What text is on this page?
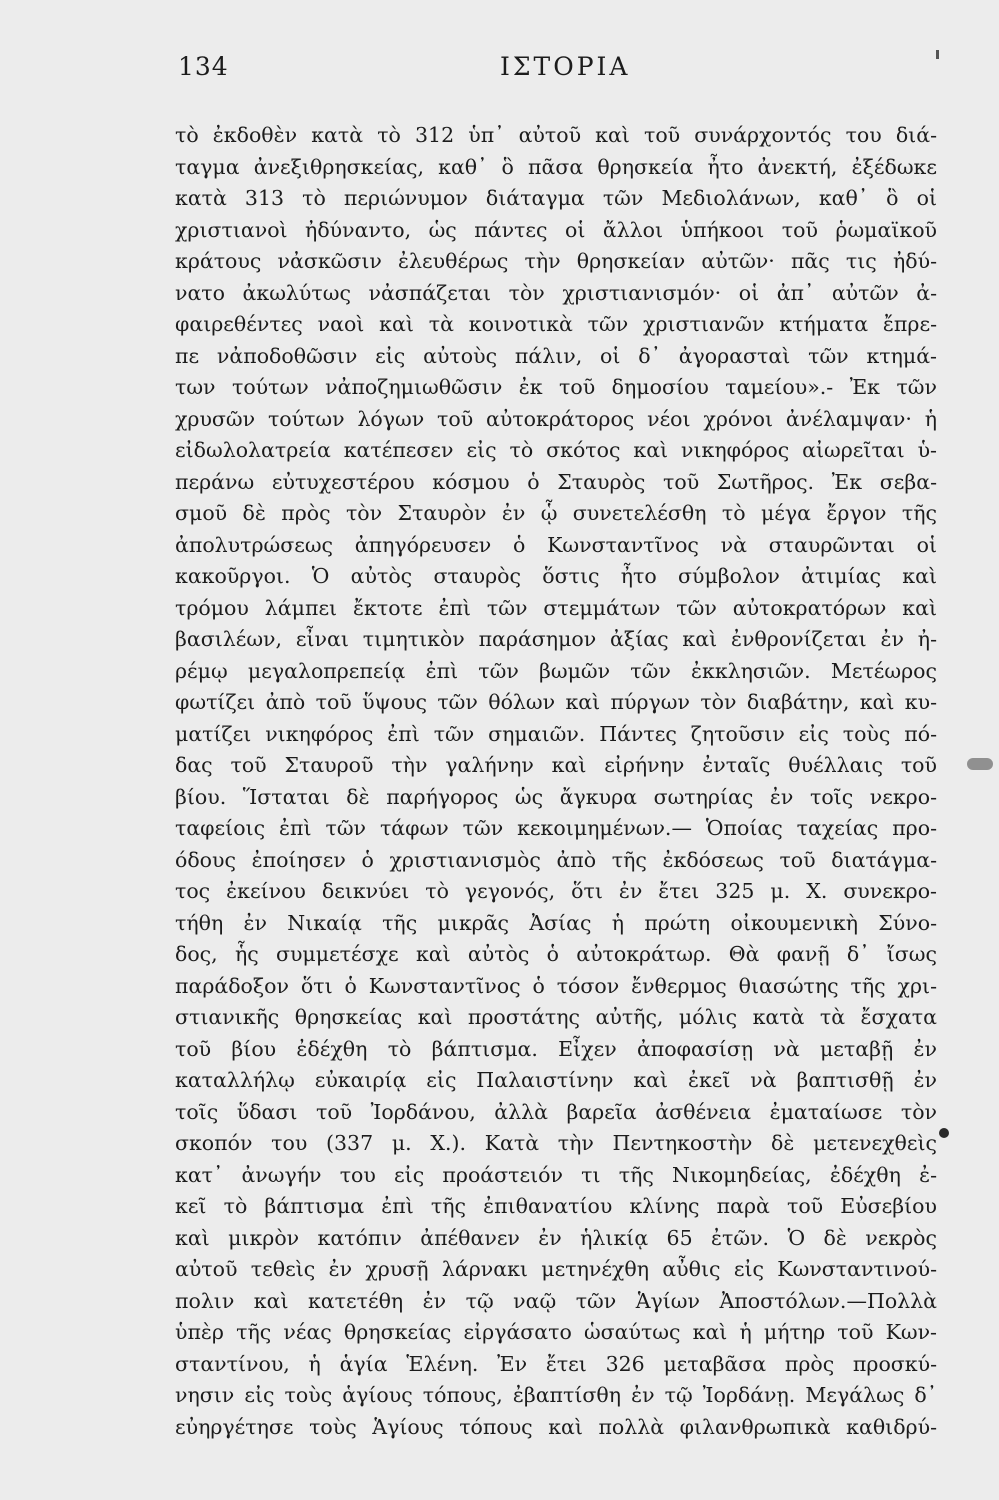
134	ΙΣΤΟΡΙΑ
τὸ ἐκδοθὲν κατὰ τὸ 312 ὑπ᾽ αὐτοῦ καὶ τοῦ συνάρχοντός του διά-
ταγμα ἀνεξιθρησκείας, καθ᾽ ὃ πᾶσα θρησκεία ἦτο ἀνεκτή, ἐξέδωκε
κατὰ 313 τὸ περιώνυμον διάταγμα τῶν Μεδιολάνων, καθ᾽ ὃ οἱ
χριστιανοὶ ἠδύναντο, ὡς πάντες οἱ ἄλλοι ὑπήκοοι τοῦ ῥωμαϊκοῦ
κράτους νἀσκῶσιν ἐλευθέρως τὴν θρησκείαν αὐτῶν· πᾶς τις ἠδύ-
νατο ἀκωλύτως νἀσπάζεται τὸν χριστιανισμόν· οἱ ἀπ᾽ αὐτῶν ἀ-
φαιρεθέντες ναοὶ καὶ τὰ κοινοτικὰ τῶν χριστιανῶν κτήματα ἔπρε-
πε νἀποδοθῶσιν εἰς αὐτοὺς πάλιν, οἱ δ᾽ ἀγορασταὶ τῶν κτημά-
των τούτων νἀποζημιωθῶσιν ἐκ τοῦ δημοσίου ταμείου».- Ἐκ τῶν
χρυσῶν τούτων λόγων τοῦ αὐτοκράτορος νέοι χρόνοι ἀνέλαμψαν· ἡ
εἰδωλολατρεία κατέπεσεν εἰς τὸ σκότος καὶ νικηφόρος αἰωρεῖται ὑ-
περάνω εὐτυχεστέρου κόσμου ὁ Σταυρὸς τοῦ Σωτῆρος. Ἐκ σεβα-
σμοῦ δὲ πρὸς τὸν Σταυρὸν ἐν ᾧ συνετελέσθη τὸ μέγα ἔργον τῆς
ἀπολυτρώσεως ἀπηγόρευσεν ὁ Κωνσταντῖνος νὰ σταυρῶνται οἱ
κακοῦργοι. Ὁ αὐτὸς σταυρὸς ὅστις ἦτο σύμβολον ἀτιμίας καὶ
τρόμου λάμπει ἔκτοτε ἐπὶ τῶν στεμμάτων τῶν αὐτοκρατόρων καὶ
βασιλέων, εἶναι τιμητικὸν παράσημον ἀξίας καὶ ἐνθρονίζεται ἐν ἠ-
ρέμῳ μεγαλοπρεπείᾳ ἐπὶ τῶν βωμῶν τῶν ἐκκλησιῶν. Μετέωρος
φωτίζει ἀπὸ τοῦ ὕψους τῶν θόλων καὶ πύργων τὸν διαβάτην, καὶ κυ-
ματίζει νικηφόρος ἐπὶ τῶν σημαιῶν. Πάντες ζητοῦσιν εἰς τοὺς πό-
δας τοῦ Σταυροῦ τὴν γαλήνην καὶ εἰρήνην ἐνταῖς θυέλλαις τοῦ
βίου. Ἵσταται δὲ παρήγορος ὡς ἄγκυρα σωτηρίας ἐν τοῖς νεκρο-
ταφείοις ἐπὶ τῶν τάφων τῶν κεκοιμημένων.— Ὁποίας ταχείας προ-
όδους ἐποίησεν ὁ χριστιανισμὸς ἀπὸ τῆς ἐκδόσεως τοῦ διατάγμα-
τος ἐκείνου δεικνύει τὸ γεγονός, ὅτι ἐν ἔτει 325 μ. Χ. συνεκρο-
τήθη ἐν Νικαίᾳ τῆς μικρᾶς Ἀσίας ἡ πρώτη οἰκουμενικὴ Σύνο-
δος, ἧς συμμετέσχε καὶ αὐτὸς ὁ αὐτοκράτωρ. Θὰ φανῇ δ᾽ ἴσως
παράδοξον ὅτι ὁ Κωνσταντῖνος ὁ τόσον ἔνθερμος θιασώτης τῆς χρι-
στιανικῆς θρησκείας καὶ προστάτης αὐτῆς, μόλις κατὰ τὰ ἔσχατα
τοῦ βίου ἐδέχθη τὸ βάπτισμα. Εἶχεν ἀποφασίσῃ νὰ μεταβῇ ἐν
καταλλήλῳ εὐκαιρίᾳ εἰς Παλαιστίνην καὶ ἐκεῖ νὰ βαπτισθῇ ἐν
τοῖς ὕδασι τοῦ Ἰορδάνου, ἀλλὰ βαρεῖα ἀσθένεια ἐματαίωσε τὸν
σκοπόν του (337 μ. Χ.). Κατὰ τὴν Πεντηκοστὴν δὲ μετενεχθεὶς
κατ᾽ ἀνωγήν του εἰς προάστειόν τι τῆς Νικομηδείας, ἐδέχθη ἐ-
κεῖ τὸ βάπτισμα ἐπὶ τῆς ἐπιθανατίου κλίνης παρὰ τοῦ Εὐσεβίου
καὶ μικρὸν κατόπιν ἀπέθανεν ἐν ἡλικίᾳ 65 ἐτῶν. Ὁ δὲ νεκρὸς
αὐτοῦ τεθεὶς ἐν χρυσῇ λάρνακι μετηνέχθη αὖθις εἰς Κωνσταντινού-
πολιν καὶ κατετέθη ἐν τῷ ναῷ τῶν Ἁγίων Ἀποστόλων.—Πολλὰ
ὑπὲρ τῆς νέας θρησκείας εἰργάσατο ὡσαύτως καὶ ἡ μήτηρ τοῦ Κων-
σταντίνου, ἡ ἁγία Ἑλένη. Ἐν ἔτει 326 μεταβᾶσα πρὸς προσκύ-
νησιν εἰς τοὺς ἁγίους τόπους, ἐβαπτίσθη ἐν τῷ Ἰορδάνῃ. Μεγάλως δ᾽
εὐηργέτησε τοὺς Ἁγίους τόπους καὶ πολλὰ φιλανθρωπικὰ καθιδρύ-
